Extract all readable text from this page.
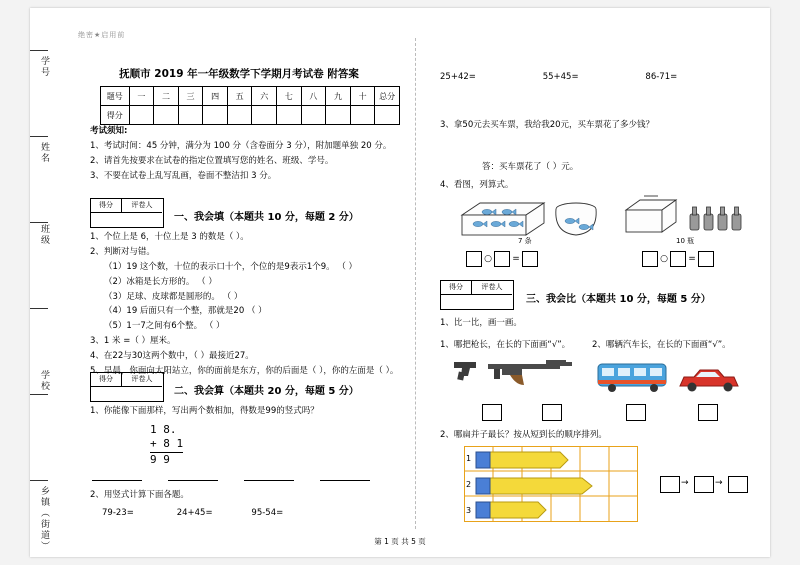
学号
姓名
班级
学校
乡镇（街道）
绝密★启用前
抚顺市 2019 年一年级数学下学期月考试卷 附答案
题号	一	二	三	四	五	六	七	八	九	十	总分
得分											
考试须知:
1、考试时间：45 分钟，满分为 100 分（含卷面分 3 分），附加题单独 20 分。
2、请首先按要求在试卷的指定位置填写您的姓名、班级、学号。
3、不要在试卷上乱写乱画，卷面不整洁扣 3 分。
得分	评卷人
一、我会填（本题共 10 分，每题 2 分）
1、个位上是 6，十位上是 3 的数是（ ）。
2、判断对与错。
（1）19 这个数，十位的表示口十个，个位的是9表示1个9。 （ ）
（2）冰箱是长方形的。 （ ）
（3）足球、皮球都是圆形的。 （ ）
（4）19 后面只有一个整，那就是20 （ ）
（5）1一7之间有6个整。 （ ）
3、1 米 =（ ）厘米。
4、在22与30这两个数中，（ ）最接近27。
5、早晨，你面向太阳站立，你的面前是东方，你的后面是（ ），你的左面是（ ）。
得分	评卷人
二、我会算（本题共 20 分，每题 5 分）
1、你能像下面那样，写出两个数相加，得数是99的竖式吗？
1 8.
+ 8 1
9 9
2、用竖式计算下面各题。
79-23=	24+45=	95-54=
25+42=	55+45=	86-71=
3、拿50元去买车票，我给我20元，买车票花了多少钱？
答：买车票花了（ ）元。
4、看图，列算式。
7 条	10 瓶
○ =	○ =
得分	评卷人
三、我会比（本题共 10 分，每题 5 分）
1、比一比，画一画。
1、哪把枪长，在长的下面画“√”。	2、哪辆汽车长，在长的下面画“√”。
2、哪扁并子最长？按从短到长的顺序排列。
1
2
3
→	→
第 1 页 共 5 页
